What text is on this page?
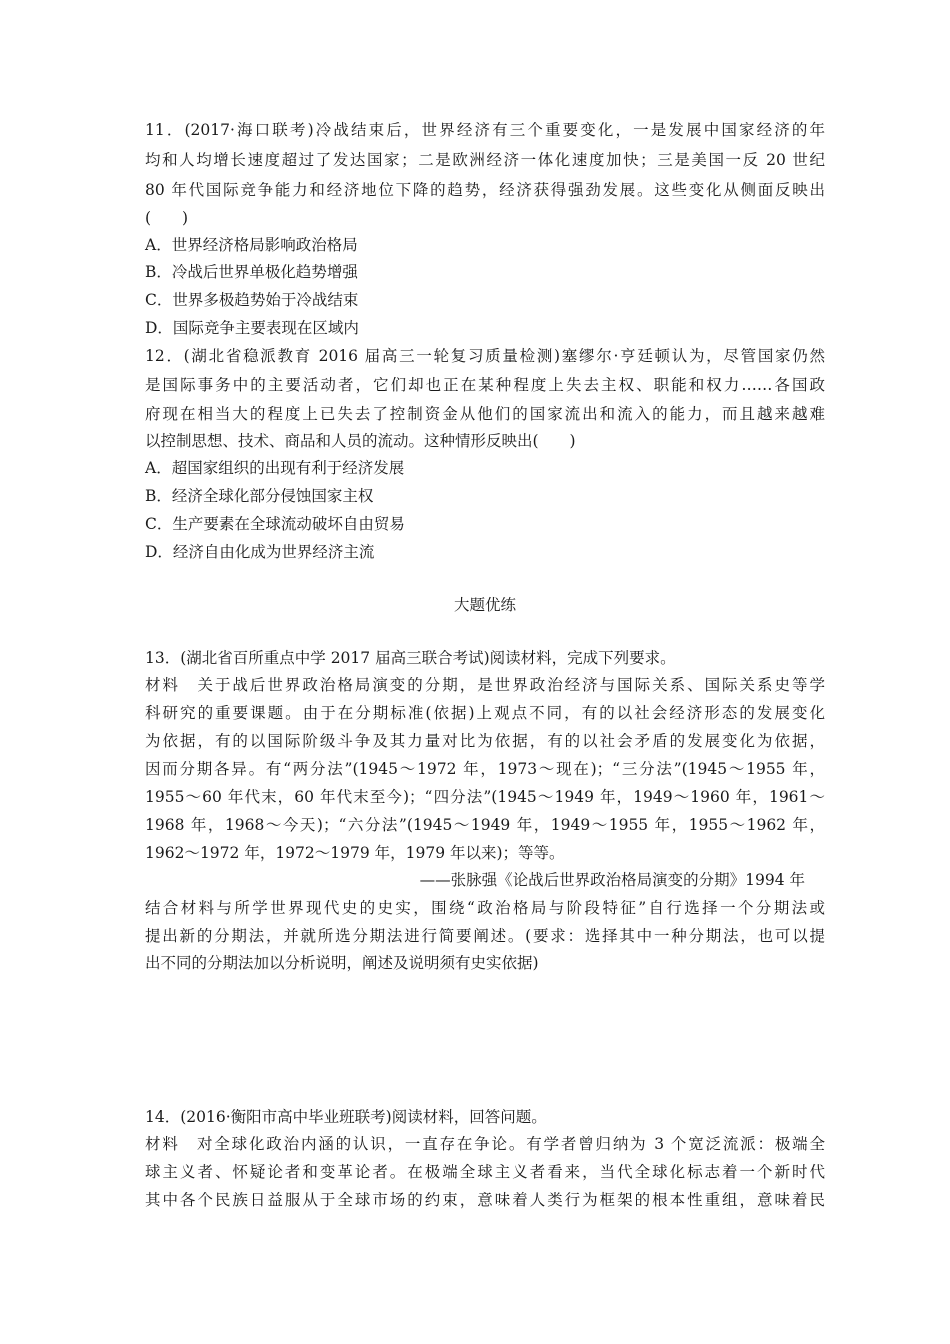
11．(2017·海口联考)冷战结束后，世界经济有三个重要变化，一是发展中国家经济的年
均和人均增长速度超过了发达国家；二是欧洲经济一体化速度加快；三是美国一反 20 世纪
80 年代国际竞争能力和经济地位下降的趋势，经济获得强劲发展。这些变化从侧面反映出
(　　)
A．世界经济格局影响政治格局
B．冷战后世界单极化趋势增强
C．世界多极趋势始于冷战结束
D．国际竞争主要表现在区域内
12．(湖北省稳派教育 2016 届高三一轮复习质量检测)塞缪尔·亨廷顿认为，尽管国家仍然
是国际事务中的主要活动者，它们却也正在某种程度上失去主权、职能和权力……各国政
府现在相当大的程度上已失去了控制资金从他们的国家流出和流入的能力，而且越来越难
以控制思想、技术、商品和人员的流动。这种情形反映出(　　)
A．超国家组织的出现有利于经济发展
B．经济全球化部分侵蚀国家主权
C．生产要素在全球流动破坏自由贸易
D．经济自由化成为世界经济主流
大题优练
13．(湖北省百所重点中学 2017 届高三联合考试)阅读材料，完成下列要求。
材料　关于战后世界政治格局演变的分期，是世界政治经济与国际关系、国际关系史等学
科研究的重要课题。由于在分期标准(依据)上观点不同，有的以社会经济形态的发展变化
为依据，有的以国际阶级斗争及其力量对比为依据，有的以社会矛盾的发展变化为依据，
因而分期各异。有“两分法”(1945～1972 年，1973～现在)；“三分法”(1945～1955 年，
1955～60 年代末，60 年代末至今)；“四分法”(1945～1949 年，1949～1960 年，1961～
1968 年，1968～今天)；“六分法”(1945～1949 年，1949～1955 年，1955～1962 年，
1962～1972 年，1972～1979 年，1979 年以来)；等等。
——张脉强《论战后世界政治格局演变的分期》1994 年
结合材料与所学世界现代史的史实，围绕“政治格局与阶段特征”自行选择一个分期法或
提出新的分期法，并就所选分期法进行简要阐述。(要求：选择其中一种分期法，也可以提
出不同的分期法加以分析说明，阐述及说明须有史实依据)
14．(2016·衡阳市高中毕业班联考)阅读材料，回答问题。
材料　对全球化政治内涵的认识，一直存在争论。有学者曾归纳为 3 个宽泛流派：极端全
球主义者、怀疑论者和变革论者。在极端全球主义者看来，当代全球化标志着一个新时代
其中各个民族日益服从于全球市场的约束，意味着人类行为框架的根本性重组，意味着民
